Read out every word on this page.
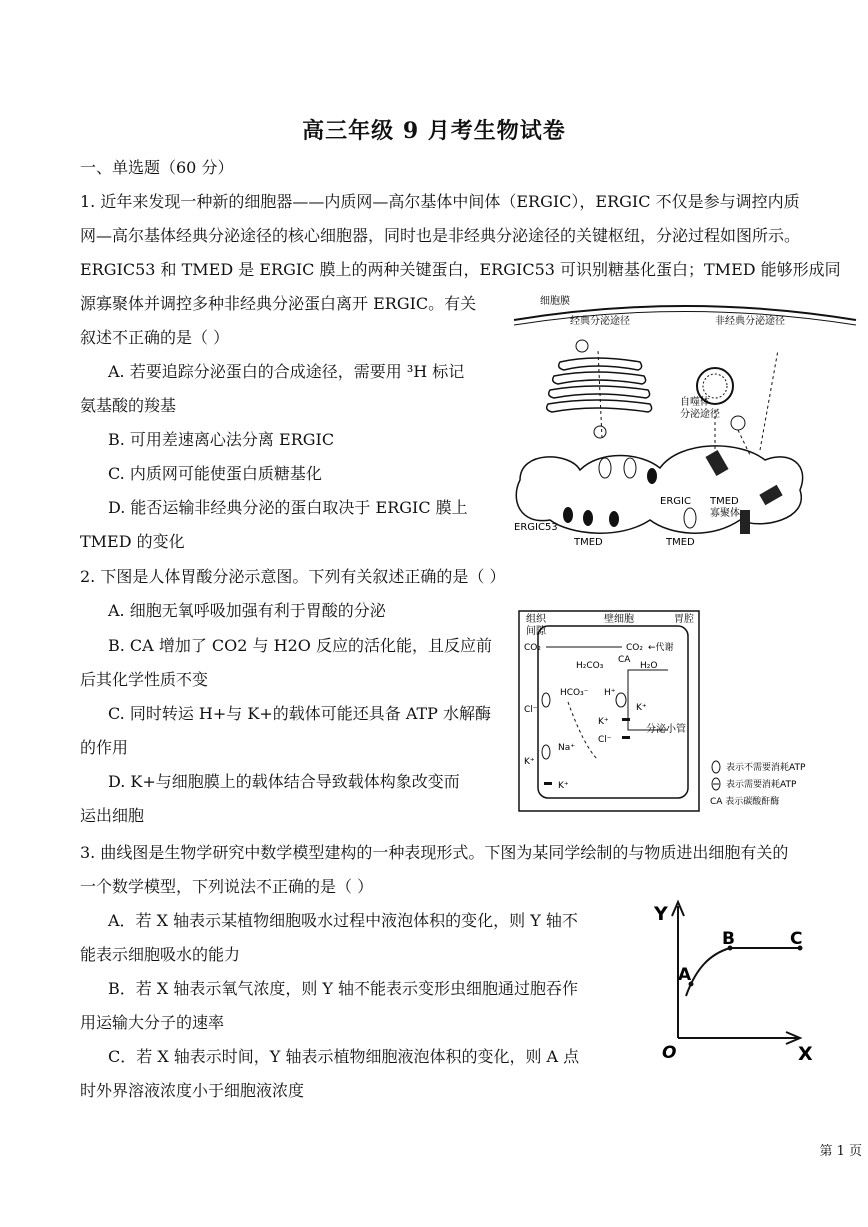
高三年级 9 月考生物试卷
一、单选题（60 分）
1. 近年来发现一种新的细胞器——内质网—高尔基体中间体（ERGIC），ERGIC 不仅是参与调控内质
网—高尔基体经典分泌途径的核心细胞器，同时也是非经典分泌途径的关键枢纽，分泌过程如图所示。
ERGIC53 和 TMED 是 ERGIC 膜上的两种关键蛋白，ERGIC53 可识别糖基化蛋白；TMED 能够形成同
源寡聚体并调控多种非经典分泌蛋白离开 ERGIC。有关
叙述不正确的是（ ）
A. 若要追踪分泌蛋白的合成途径，需要用 ³H 标记
氨基酸的羧基
B. 可用差速离心法分离 ERGIC
C. 内质网可能使蛋白质糖基化
D. 能否运输非经典分泌的蛋白取决于 ERGIC 膜上
TMED 的变化
细胞膜
经典分泌途径	非经典分泌途径
自噬体
分泌途径
ERGIC TMED
寡聚体
ERGIC53
TMED	TMED
2. 下图是人体胃酸分泌示意图。下列有关叙述正确的是（ ）
A. 细胞无氧呼吸加强有利于胃酸的分泌
B. CA 增加了 CO2 与 H2O 反应的活化能，且反应前
后其化学性质不变
C. 同时转运 H+与 K+的载体可能还具备 ATP 水解酶
的作用
D. K+与细胞膜上的载体结合导致载体构象改变而
运出细胞
组织
间隙
壁细胞	胃腔
CO₂	CO₂ ←代谢
H₂CO₃
CA
H₂O
HCO₃⁻ H⁺
K⁺
Cl⁻
K⁺
Cl⁻
分泌小管
Na⁺
K⁺
K⁺
表示不需要消耗ATP
表示需要消耗ATP
CA 表示碳酸酐酶
3. 曲线图是生物学研究中数学模型建构的一种表现形式。下图为某同学绘制的与物质进出细胞有关的
一个数学模型，下列说法不正确的是（ ）
A．若 X 轴表示某植物细胞吸水过程中液泡体积的变化，则 Y 轴不
能表示细胞吸水的能力
B．若 X 轴表示氧气浓度，则 Y 轴不能表示变形虫细胞通过胞吞作
用运输大分子的速率
C．若 X 轴表示时间，Y 轴表示植物细胞液泡体积的变化，则 A 点
时外界溶液浓度小于细胞液浓度
Y
X
O
A
B	C
第 1 页
